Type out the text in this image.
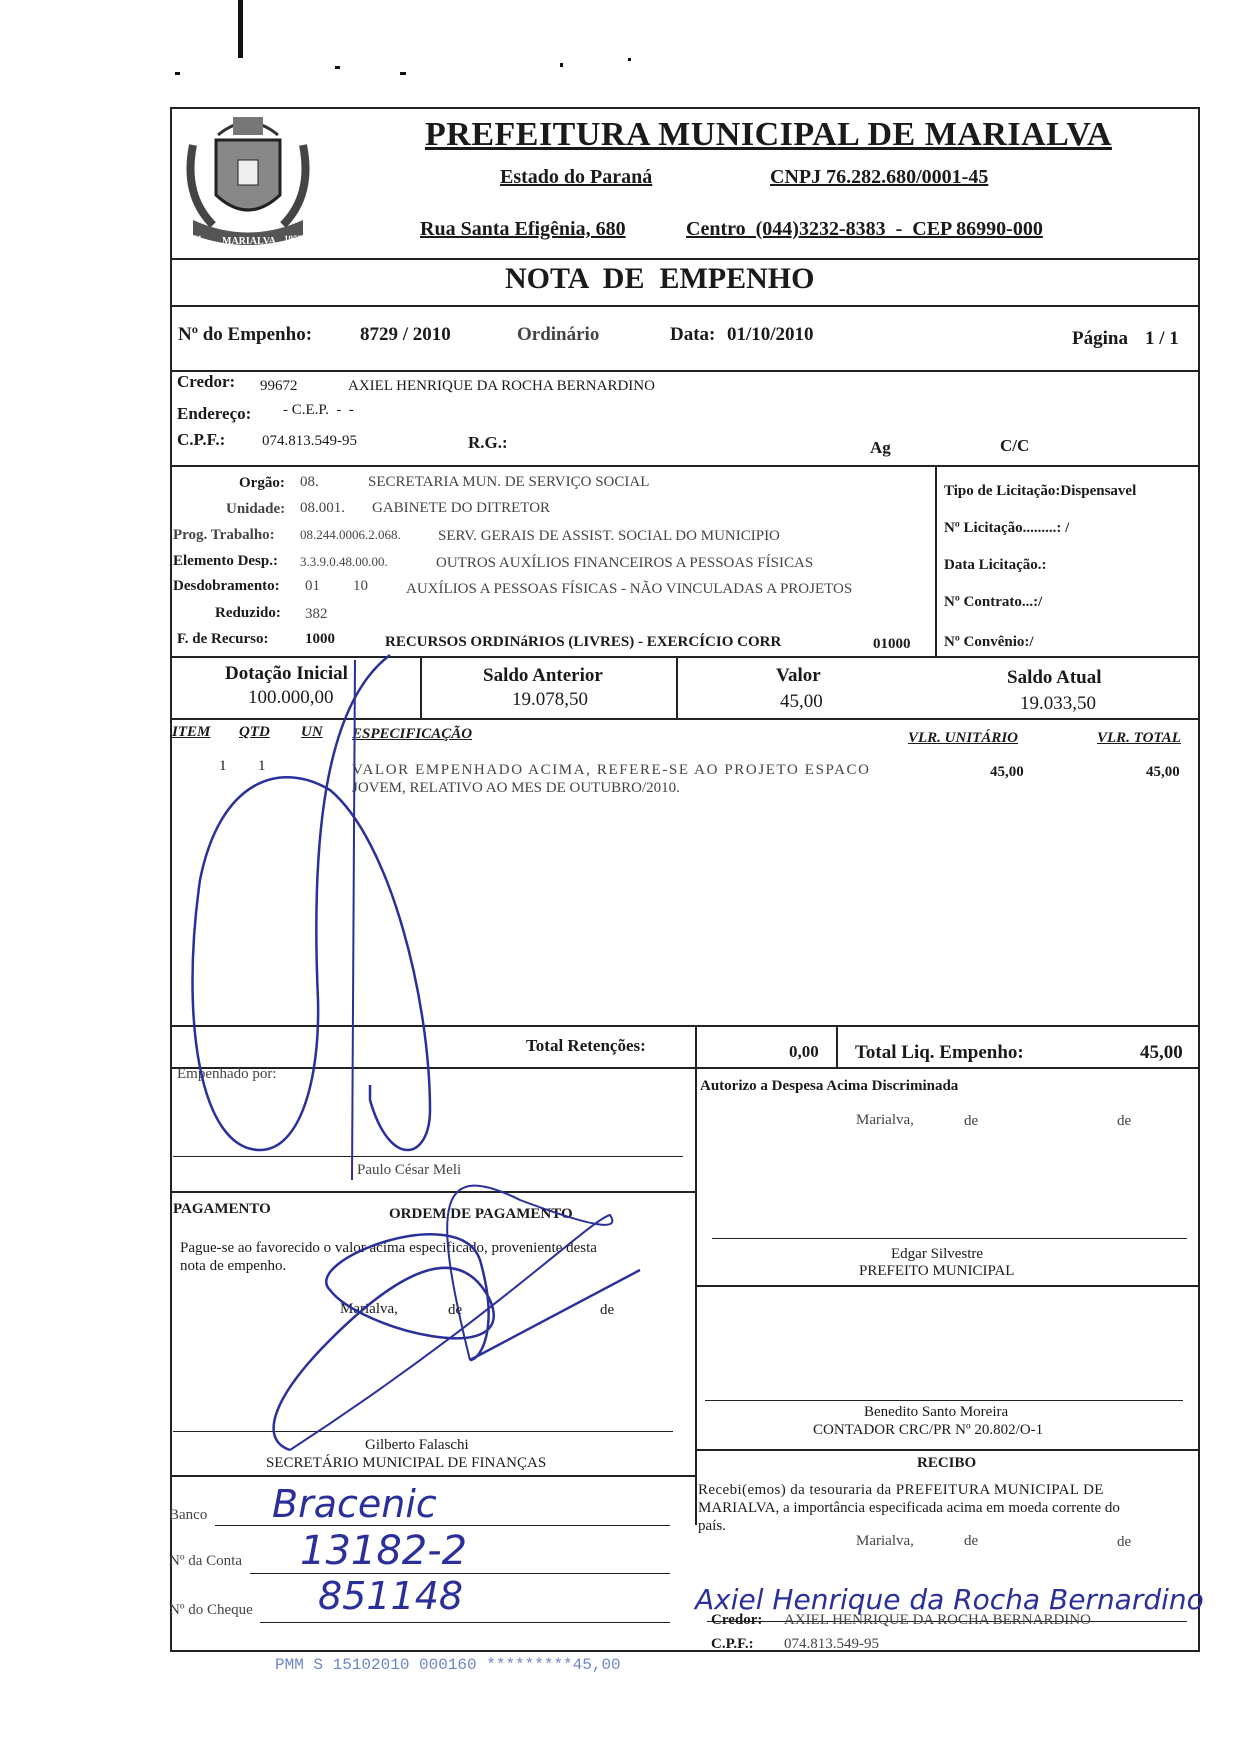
1951 MARIALVA 1952
PREFEITURA MUNICIPAL DE MARIALVA
Estado do Paraná	CNPJ 76.282.680/0001-45
Rua Santa Efigênia, 680	Centro  (044)3232-8383  -  CEP 86990-000
NOTA  DE  EMPENHO
Nº do Empenho:	8729 / 2010	Ordinário	Data: 01/10/2010	Página 1 / 1
Credor: 99672	AXIEL HENRIQUE DA ROCHA BERNARDINO
Endereço: - C.E.P.  -  -
C.P.F.: 074.813.549-95	R.G.:	Ag	C/C
Orgão: 08.	SECRETARIA MUN. DE SERVIÇO SOCIAL
Unidade: 08.001. GABINETE DO DITRETOR
Prog. Trabalho: 08.244.0006.2.068. SERV. GERAIS DE ASSIST. SOCIAL DO MUNICIPIO
Elemento Desp.: 3.3.9.0.48.00.00.	OUTROS AUXÍLIOS FINANCEIROS A PESSOAS FÍSICAS
Desdobramento: 01 10	AUXÍLIOS A PESSOAS FÍSICAS - NÃO VINCULADAS A PROJETOS
Reduzido: 382
F. de Recurso: 1000	RECURSOS ORDINáRIOS (LIVRES) - EXERCÍCIO CORR	01000
Tipo de Licitação:Dispensavel
Nº Licitação.........: /
Data Licitação.:
Nº Contrato...:/
Nº Convênio:/
Dotação Inicial
100.000,00
Saldo Anterior
19.078,50
Valor
45,00
Saldo Atual
19.033,50
ITEM QTD UN ESPECIFICAÇÃO	VLR. UNITÁRIO	VLR. TOTAL
1 1	VALOR EMPENHADO ACIMA, REFERE-SE AO PROJETO ESPACO
JOVEM, RELATIVO AO MES DE OUTUBRO/2010.
45,00	45,00
Total Retenções:	0,00 Total Liq. Empenho:	45,00
Empenhado por:
Paulo César Meli
Autorizo a Despesa Acima Discriminada
Marialva,	de	de
Edgar Silvestre
PREFEITO MUNICIPAL
PAGAMENTO	ORDEM DE PAGAMENTO
Pague-se ao favorecido o valor acima especificado, proveniente desta
nota de empenho.
Marialva,	de	de
Gilberto Falaschi
SECRETÁRIO MUNICIPAL DE FINANÇAS
Benedito Santo Moreira
CONTADOR CRC/PR Nº 20.802/O-1
Banco Bracenic
Nº da Conta 13182-2
Nº do Cheque 851148
RECIBO
Recebi(emos) da tesouraria da PREFEITURA MUNICIPAL DE
MARIALVA, a importância especificada acima em moeda corrente do
país.
Marialva,	de	de
Axiel Henrique da Rocha Bernardino
Credor: AXIEL HENRIQUE DA ROCHA BERNARDINO
C.P.F.: 074.813.549-95
PMM S 15102010 000160 *********45,00
